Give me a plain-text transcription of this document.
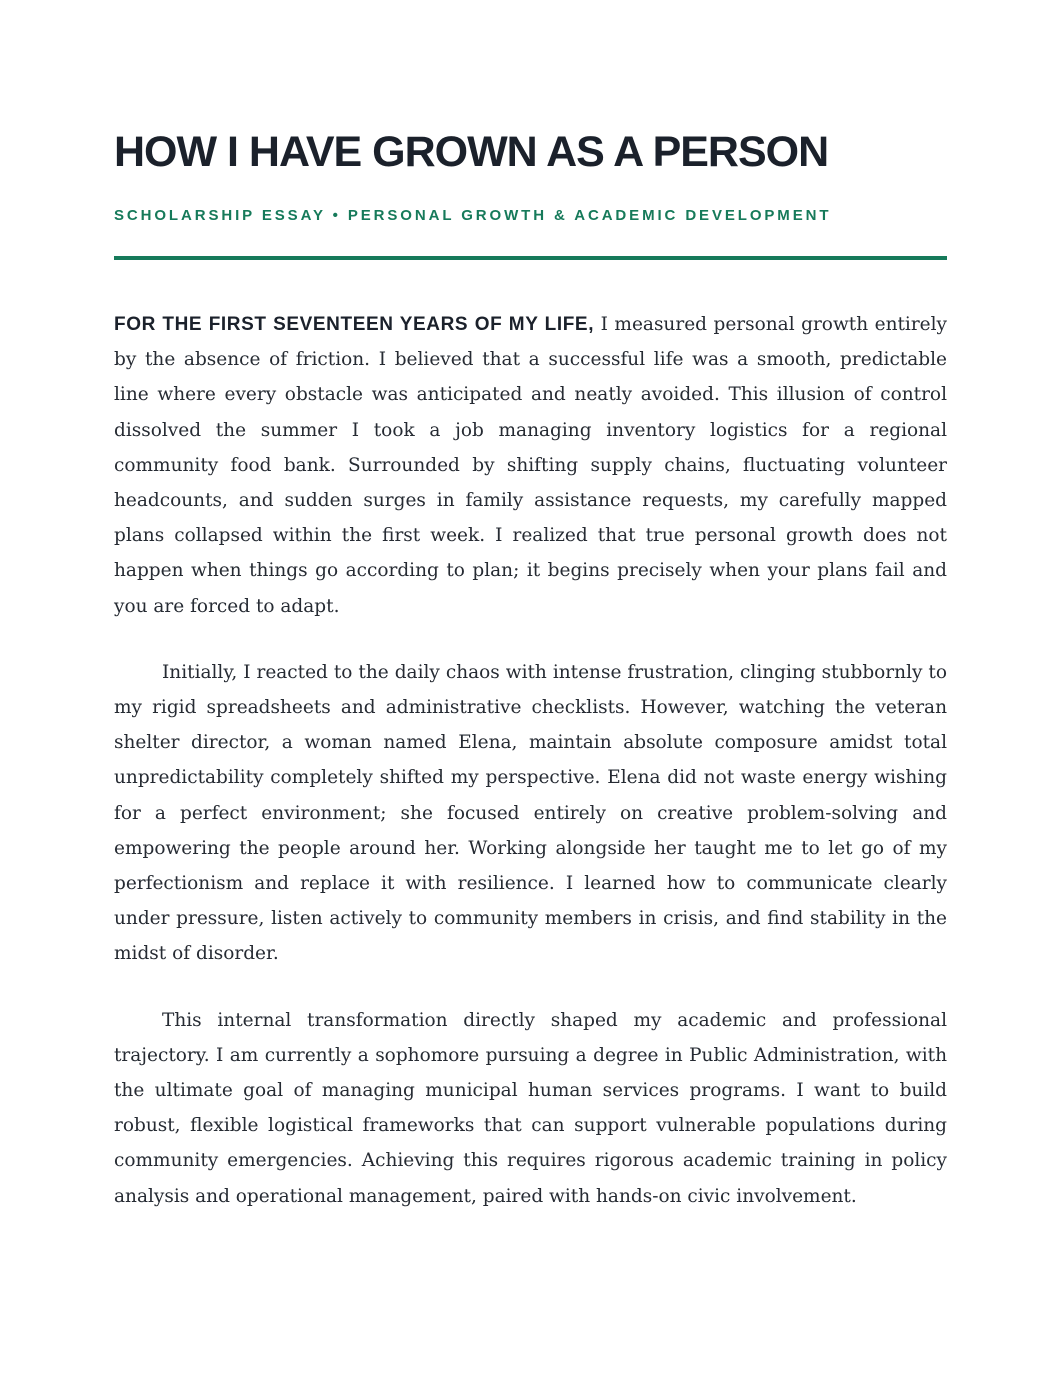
HOW I HAVE GROWN AS A PERSON
SCHOLARSHIP ESSAY • PERSONAL GROWTH & ACADEMIC DEVELOPMENT

FOR THE FIRST SEVENTEEN YEARS OF MY LIFE, I measured personal growth entirely by the absence of friction. I believed that a successful life was a smooth, predictable line where every obstacle was anticipated and neatly avoided. This illusion of control dissolved the summer I took a job managing inventory logistics for a regional community food bank. Surrounded by shifting supply chains, fluctuating volunteer headcounts, and sudden surges in family assistance requests, my carefully mapped plans collapsed within the first week. I realized that true personal growth does not happen when things go according to plan; it begins precisely when your plans fail and you are forced to adapt.

Initially, I reacted to the daily chaos with intense frustration, clinging stubbornly to my rigid spreadsheets and administrative checklists. However, watching the veteran shelter director, a woman named Elena, maintain absolute composure amidst total unpredictability completely shifted my perspective. Elena did not waste energy wishing for a perfect environment; she focused entirely on creative problem-solving and empowering the people around her. Working alongside her taught me to let go of my perfectionism and replace it with resilience. I learned how to communicate clearly under pressure, listen actively to community members in crisis, and find stability in the midst of disorder.

This internal transformation directly shaped my academic and professional trajectory. I am currently a sophomore pursuing a degree in Public Administration, with the ultimate goal of managing municipal human services programs. I want to build robust, flexible logistical frameworks that can support vulnerable populations during community emergencies. Achieving this requires rigorous academic training in policy analysis and operational management, paired with hands-on civic involvement.
